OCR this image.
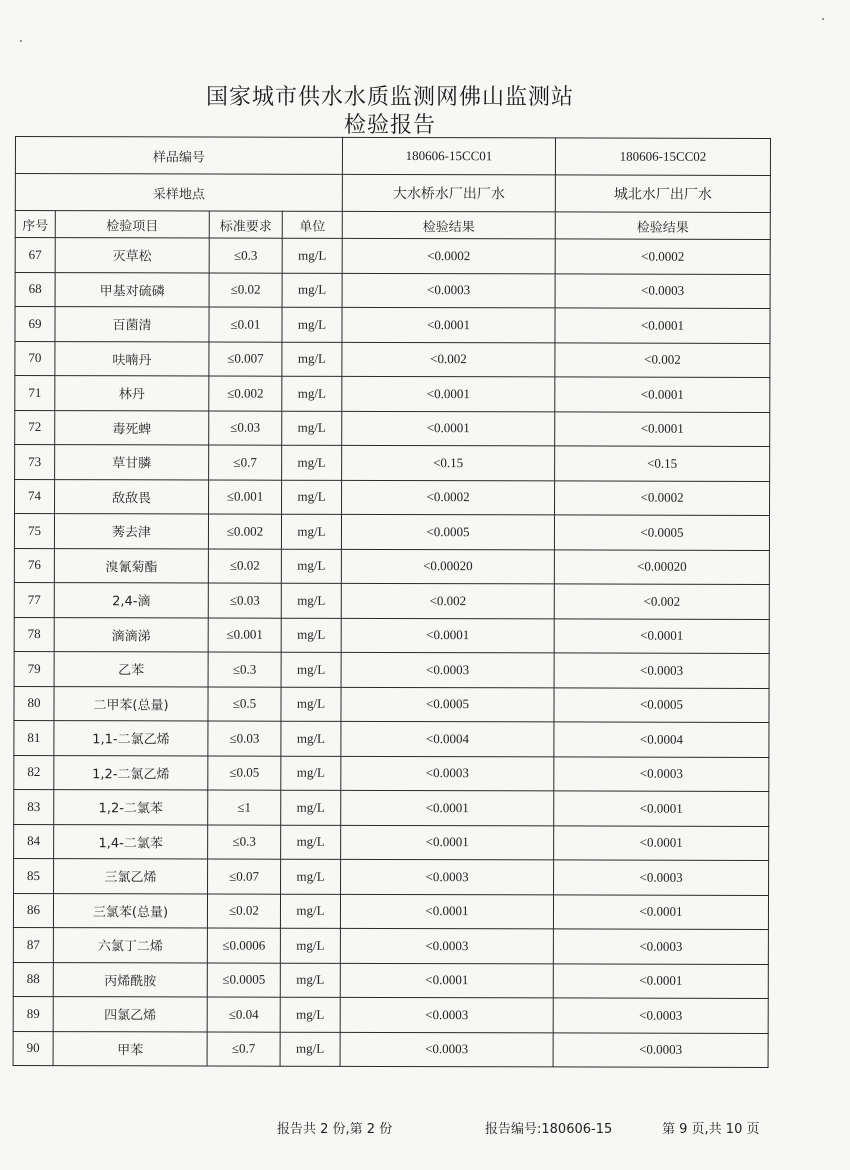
国家城市供水水质监测网佛山监测站
检验报告
样品编号				180606-15CC01	180606-15CC02
采样地点				大水桥水厂出厂水	城北水厂出厂水
序号	检验项目	标准要求	单位	检验结果	检验结果
67	灭草松	≤0.3	mg/L	<0.0002	<0.0002
68	甲基对硫磷	≤0.02	mg/L	<0.0003	<0.0003
69	百菌清	≤0.01	mg/L	<0.0001	<0.0001
70	呋喃丹	≤0.007	mg/L	<0.002	<0.002
71	林丹	≤0.002	mg/L	<0.0001	<0.0001
72	毒死蜱	≤0.03	mg/L	<0.0001	<0.0001
73	草甘膦	≤0.7	mg/L	<0.15	<0.15
74	敌敌畏	≤0.001	mg/L	<0.0002	<0.0002
75	莠去津	≤0.002	mg/L	<0.0005	<0.0005
76	溴氰菊酯	≤0.02	mg/L	<0.00020	<0.00020
77	2,4-滴	≤0.03	mg/L	<0.002	<0.002
78	滴滴涕	≤0.001	mg/L	<0.0001	<0.0001
79	乙苯	≤0.3	mg/L	<0.0003	<0.0003
80	二甲苯(总量)	≤0.5	mg/L	<0.0005	<0.0005
81	1,1-二氯乙烯	≤0.03	mg/L	<0.0004	<0.0004
82	1,2-二氯乙烯	≤0.05	mg/L	<0.0003	<0.0003
83	1,2-二氯苯	≤1	mg/L	<0.0001	<0.0001
84	1,4-二氯苯	≤0.3	mg/L	<0.0001	<0.0001
85	三氯乙烯	≤0.07	mg/L	<0.0003	<0.0003
86	三氯苯(总量)	≤0.02	mg/L	<0.0001	<0.0001
87	六氯丁二烯	≤0.0006	mg/L	<0.0003	<0.0003
88	丙烯酰胺	≤0.0005	mg/L	<0.0001	<0.0001
89	四氯乙烯	≤0.04	mg/L	<0.0003	<0.0003
90	甲苯	≤0.7	mg/L	<0.0003	<0.0003
报告共 2 份,第 2 份	报告编号:180606-15	第 9 页,共 10 页
